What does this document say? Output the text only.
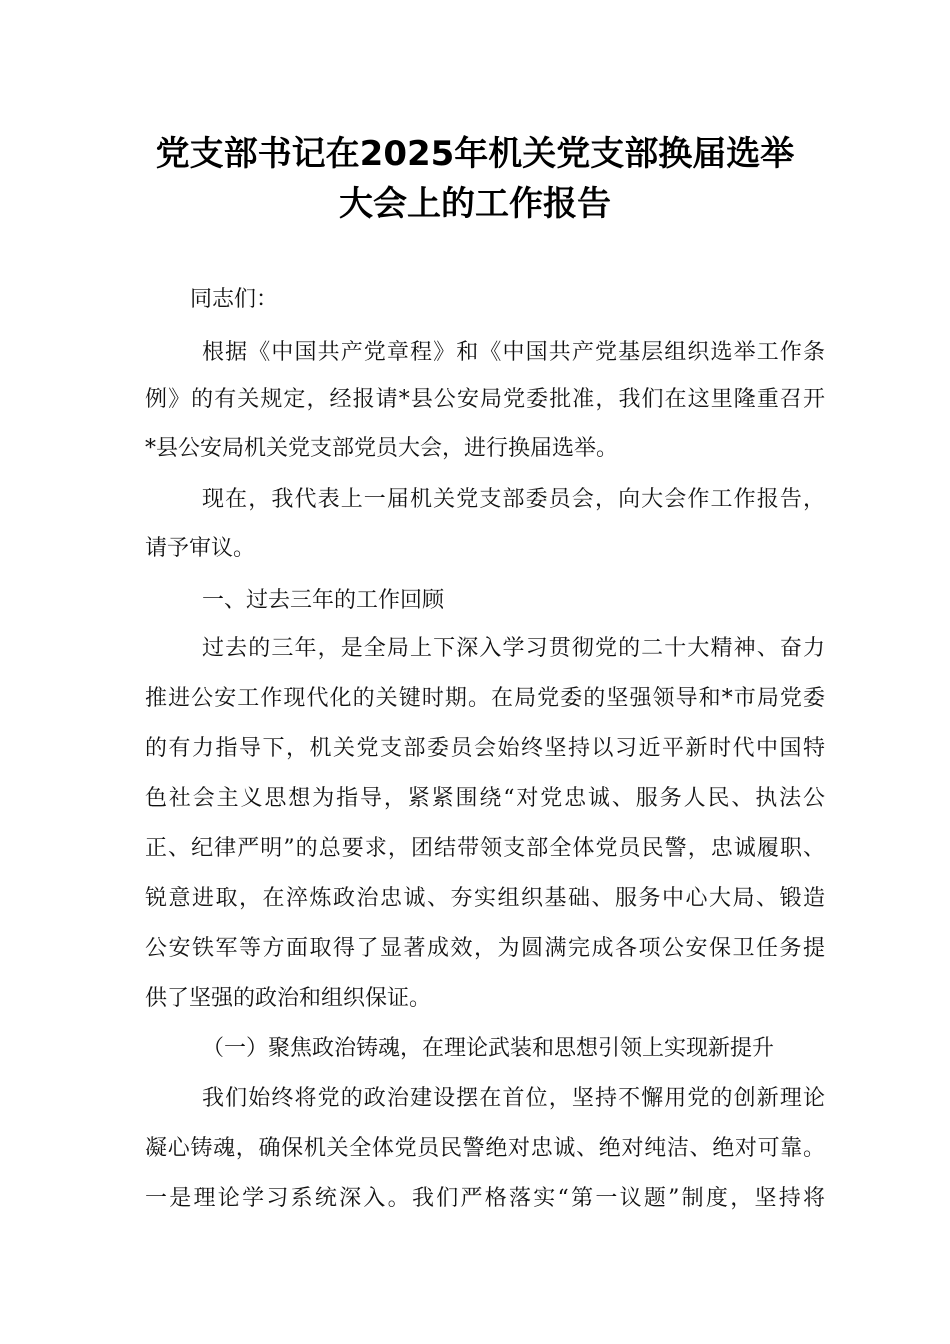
党支部书记在2025年机关党支部换届选举
大会上的工作报告
同志们：
根据《中国共产党章程》和《中国共产党基层组织选举工作条
例》的有关规定，经报请*县公安局党委批准，我们在这里隆重召开
*县公安局机关党支部党员大会，进行换届选举。
现在，我代表上一届机关党支部委员会，向大会作工作报告，
请予审议。
一、过去三年的工作回顾
过去的三年，是全局上下深入学习贯彻党的二十大精神、奋力
推进公安工作现代化的关键时期。在局党委的坚强领导和*市局党委
的有力指导下，机关党支部委员会始终坚持以习近平新时代中国特
色社会主义思想为指导，紧紧围绕“对党忠诚、服务人民、执法公
正、纪律严明”的总要求，团结带领支部全体党员民警，忠诚履职、
锐意进取，在淬炼政治忠诚、夯实组织基础、服务中心大局、锻造
公安铁军等方面取得了显著成效，为圆满完成各项公安保卫任务提
供了坚强的政治和组织保证。
（一）聚焦政治铸魂，在理论武装和思想引领上实现新提升
我们始终将党的政治建设摆在首位，坚持不懈用党的创新理论
凝心铸魂，确保机关全体党员民警绝对忠诚、绝对纯洁、绝对可靠。
一是理论学习系统深入。我们严格落实“第一议题”制度，坚持将
